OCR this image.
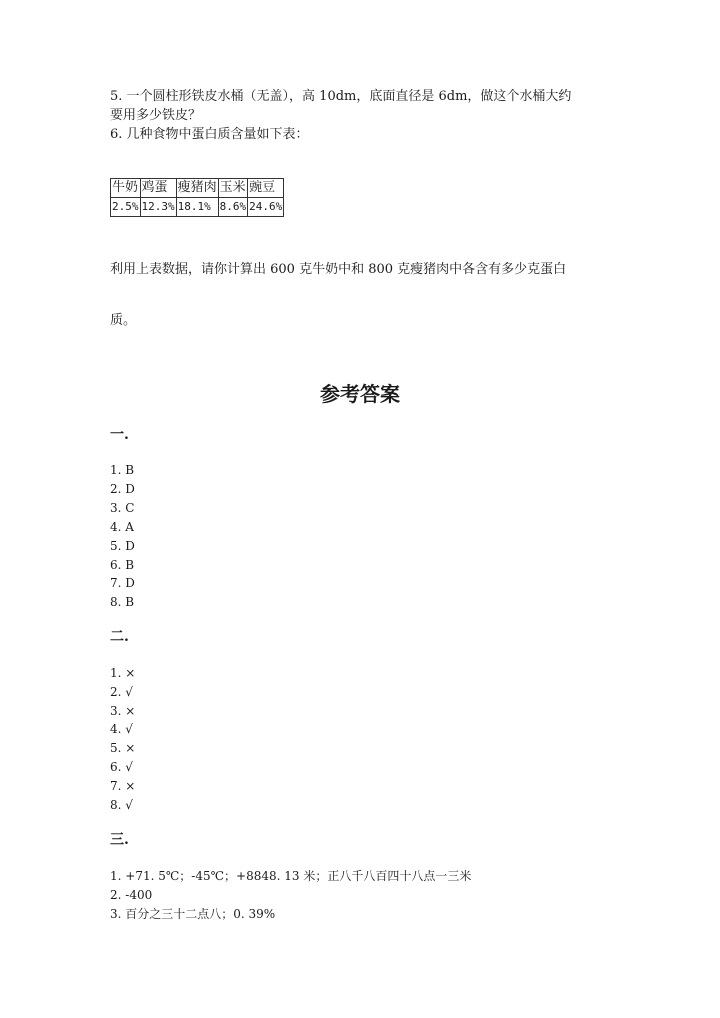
5. 一个圆柱形铁皮水桶（无盖），高 10dm，底面直径是 6dm，做这个水桶大约
要用多少铁皮？
6. 几种食物中蛋白质含量如下表：
牛奶	鸡蛋	瘦猪肉	玉米	豌豆
2.5%	12.3%	18.1%	8.6%	24.6%
利用上表数据，请你计算出 600 克牛奶中和 800 克瘦猪肉中各含有多少克蛋白
质。
参考答案
一.
1. B
2. D
3. C
4. A
5. D
6. B
7. D
8. B
二.
1. ×
2. √
3. ×
4. √
5. ×
6. √
7. ×
8. √
三.
1. +71. 5℃；-45℃；+8848. 13 米；正八千八百四十八点一三米
2. -400
3. 百分之三十二点八；0. 39%
